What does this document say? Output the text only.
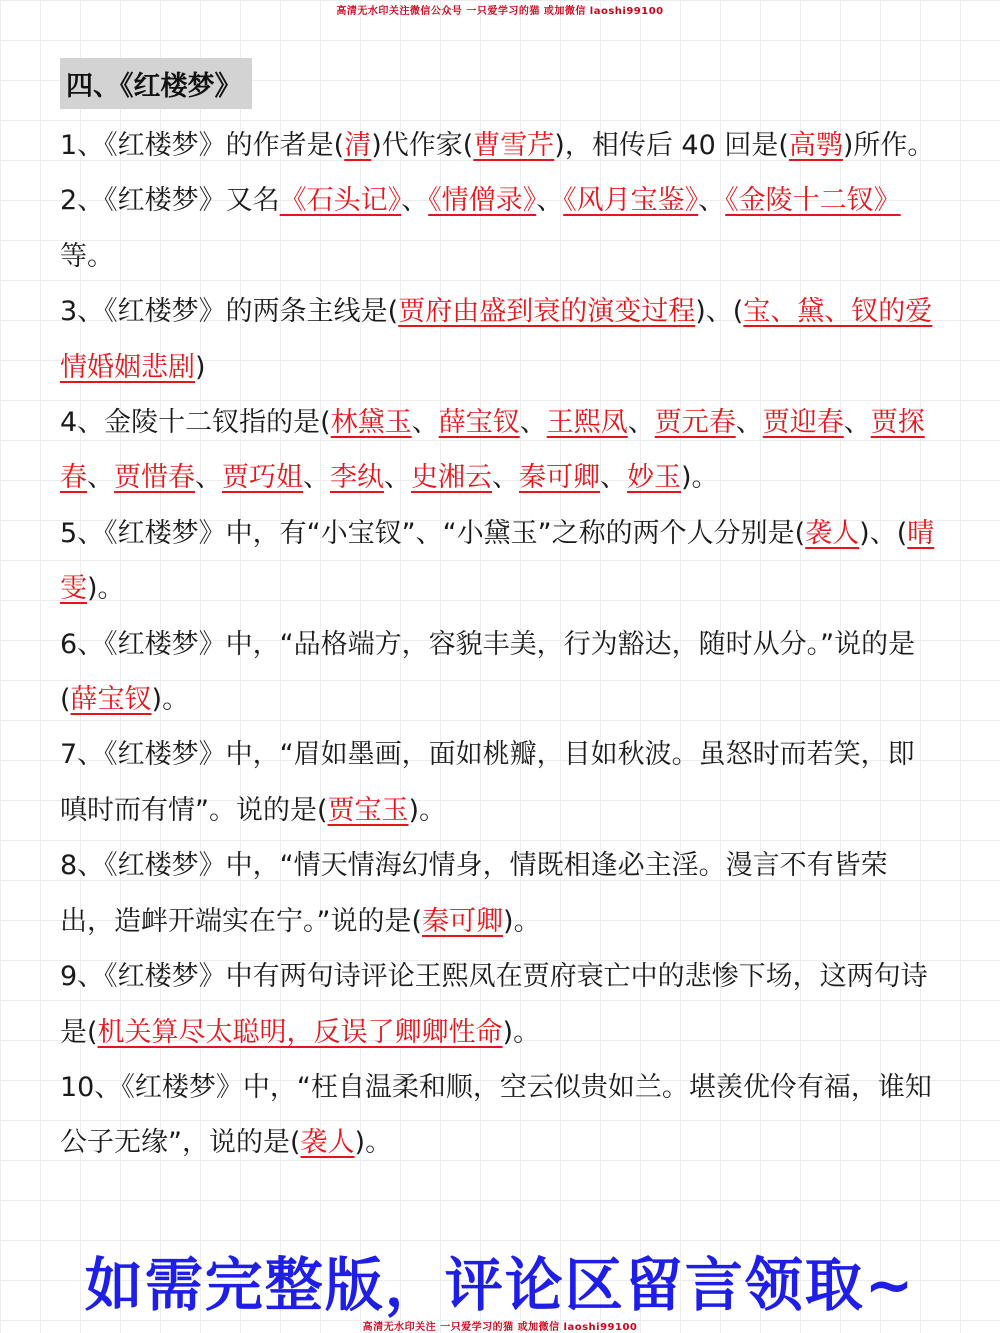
高清无水印关注微信公众号 一只爱学习的猫 或加微信 laoshi99100
四、《红楼梦》
1、《红楼梦》的作者是(清)代作家(曹雪芹)，相传后 40 回是(高鹗)所作。
2、《红楼梦》又名《石头记》、《情僧录》、《风月宝鉴》、《金陵十二钗》等。
3、《红楼梦》的两条主线是(贾府由盛到衰的演变过程)、(宝、黛、钗的爱情婚姻悲剧)
4、金陵十二钗指的是(林黛玉、薛宝钗、王熙凤、贾元春、贾迎春、贾探春、贾惜春、贾巧姐、李纨、史湘云、秦可卿、妙玉)。
5、《红楼梦》中，有“小宝钗”、“小黛玉”之称的两个人分别是(袭人)、(晴雯)。
6、《红楼梦》中，“品格端方，容貌丰美，行为豁达，随时从分。”说的是(薛宝钗)。
7、《红楼梦》中，“眉如墨画，面如桃瓣，目如秋波。虽怒时而若笑，即嗔时而有情”。说的是(贾宝玉)。
8、《红楼梦》中，“情天情海幻情身，情既相逢必主淫。漫言不有皆荣出，造衅开端实在宁。”说的是(秦可卿)。
9、《红楼梦》中有两句诗评论王熙凤在贾府衰亡中的悲惨下场，这两句诗是(机关算尽太聪明，反误了卿卿性命)。
10、《红楼梦》中，“枉自温柔和顺，空云似贵如兰。堪羡优伶有福，谁知公子无缘”，说的是(袭人)。
如需完整版，评论区留言领取~
高清无水印关注 一只爱学习的猫 或加微信 laoshi99100
